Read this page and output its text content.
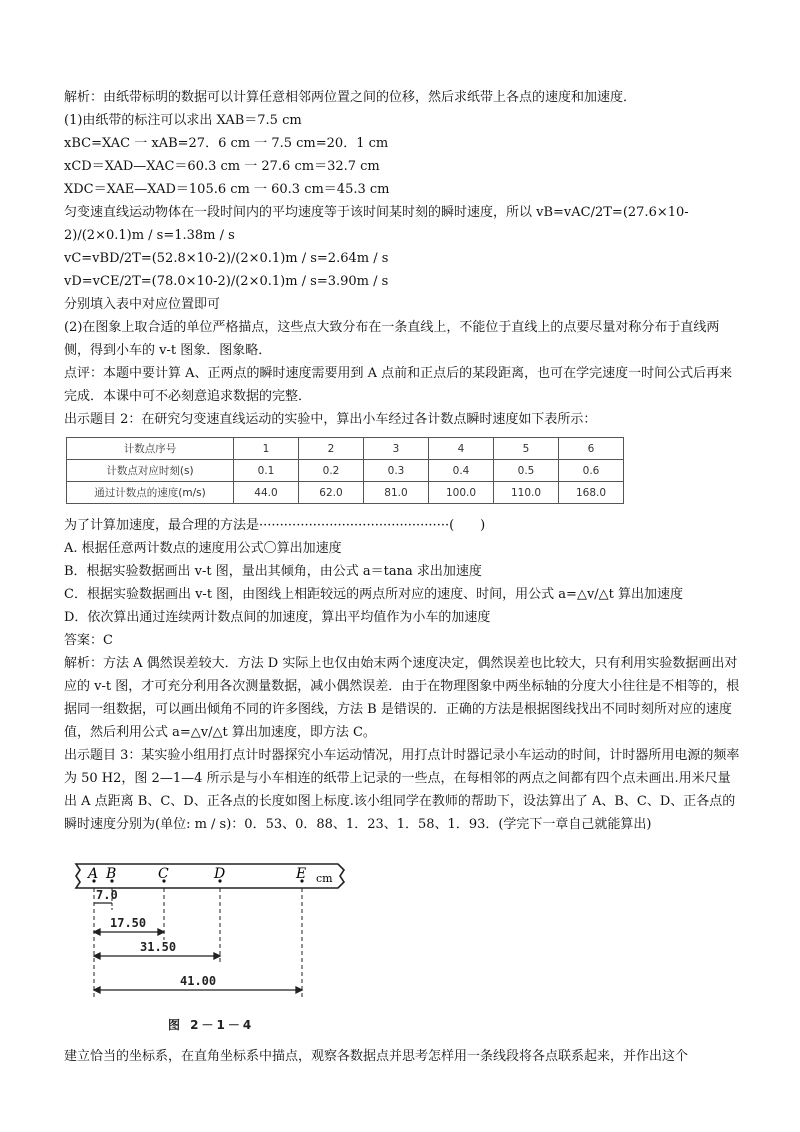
解析：由纸带标明的数据可以计算任意相邻两位置之间的位移，然后求纸带上各点的速度和加速度．

(1)由纸带的标注可以求出 XAB＝7.5 cm

xBC=XAC 一 xAB=27．6 cm 一 7.5 cm=20．1 cm

xCD＝XAD—XAC＝60.3 cm 一 27.6 cm＝32.7 cm

XDC＝XAE—XAD＝105.6 cm 一 60.3 cm＝45.3 cm

匀变速直线运动物体在一段时间内的平均速度等于该时间某时刻的瞬时速度，所以 vB=vAC/2T=(27.6×10-2)/(2×0.1)m / s=1.38m / s

vC=vBD/2T=(52.8×10-2)/(2×0.1)m / s=2.64m / s

vD=vCE/2T=(78.0×10-2)/(2×0.1)m / s=3.90m / s

分别填入表中对应位置即可

(2)在图象上取合适的单位严格描点，这些点大致分布在一条直线上，不能位于直线上的点要尽量对称分布于直线两侧，得到小车的 v-t 图象．图象略．

点评：本题中要计算 A、正两点的瞬时速度需要用到 A 点前和正点后的某段距离，也可在学完速度一时间公式后再来完成．本课中可不必刻意追求数据的完整．

出示题目 2：在研究匀变速直线运动的实验中，算出小车经过各计数点瞬时速度如下表所示：

计数点序号	1	2	3	4	5	6
计数点对应时刻(s)	0.1	0.2	0.3	0.4	0.5	0.6
通过计数点的速度(m/s)	44.0	62.0	81.0	100.0	110.0	168.0

为了计算加速度，最合理的方法是··············································(　　)

A. 根据任意两计数点的速度用公式〇算出加速度

B．根据实验数据画出 v-t 图，量出其倾角，由公式 a＝tanа 求出加速度

C．根据实验数据画出 v-t 图，由图线上相距较远的两点所对应的速度、时间，用公式 a=△v/△t 算出加速度

D．依次算出通过连续两计数点间的加速度，算出平均值作为小车的加速度

答案：C

解析：方法 A 偶然误差较大．方法 D 实际上也仅由始末两个速度决定，偶然误差也比较大，只有利用实验数据画出对应的 v-t 图，才可充分利用各次测量数据，减小偶然误差．由于在物理图象中两坐标轴的分度大小往往是不相等的，根据同一组数据，可以画出倾角不同的许多图线，方法 B 是错误的．正确的方法是根据图线找出不同时刻所对应的速度值，然后利用公式 a=△v/△t 算出加速度，即方法 C。

出示题目 3：某实验小组用打点计时器探究小车运动情况，用打点计时器记录小车运动的时间，计时器所用电源的频率为 50 H2，图 2—1—4 所示是与小车相连的纸带上记录的一些点，在每相邻的两点之间都有四个点未画出.用米尺量出 A 点距离 B、C、D、正各点的长度如图上标度.该小组同学在教师的帮助下，设法算出了 A、B、C、D、正各点的瞬时速度分别为(单位: m / s)：0．53、0．88、1．23、1．58、1．93．(学完下一章自己就能算出)

A B	C	D	E cm
7.0
17.50
31.50
41.00
图 2－1－4

建立恰当的坐标系，在直角坐标系中描点，观察各数据点并思考怎样用一条线段将各点联系起来，并作出这个
